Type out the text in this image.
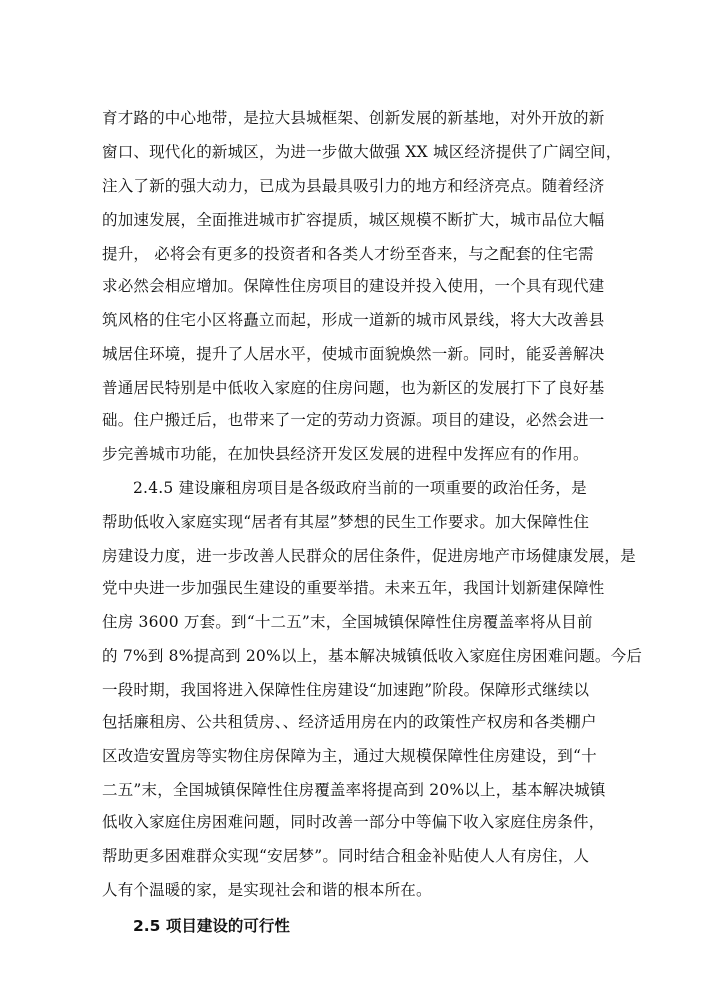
育才路的中心地带，是拉大县城框架、创新发展的新基地，对外开放的新
窗口、现代化的新城区，为进一步做大做强 XX 城区经济提供了广阔空间，
注入了新的强大动力，已成为县最具吸引力的地方和经济亮点。随着经济
的加速发展，全面推进城市扩容提质，城区规模不断扩大，城市品位大幅
提升， 必将会有更多的投资者和各类人才纷至沓来，与之配套的住宅需
求必然会相应增加。保障性住房项目的建设并投入使用，一个具有现代建
筑风格的住宅小区将矗立而起，形成一道新的城市风景线，将大大改善县
城居住环境，提升了人居水平，使城市面貌焕然一新。同时，能妥善解决
普通居民特别是中低收入家庭的住房问题，也为新区的发展打下了良好基
础。住户搬迁后，也带来了一定的劳动力资源。项目的建设，必然会进一
步完善城市功能，在加快县经济开发区发展的进程中发挥应有的作用。
2.4.5 建设廉租房项目是各级政府当前的一项重要的政治任务，是
帮助低收入家庭实现“居者有其屋”梦想的民生工作要求。加大保障性住
房建设力度，进一步改善人民群众的居住条件，促进房地产市场健康发展，是
党中央进一步加强民生建设的重要举措。未来五年，我国计划新建保障性
住房 3600 万套。到“十二五”末，全国城镇保障性住房覆盖率将从目前
的 7%到 8%提高到 20%以上，基本解决城镇低收入家庭住房困难问题。今后
一段时期，我国将进入保障性住房建设“加速跑”阶段。保障形式继续以
包括廉租房、公共租赁房、、经济适用房在内的政策性产权房和各类棚户
区改造安置房等实物住房保障为主，通过大规模保障性住房建设，到“十
二五”末，全国城镇保障性住房覆盖率将提高到 20%以上，基本解决城镇
低收入家庭住房困难问题，同时改善一部分中等偏下收入家庭住房条件，
帮助更多困难群众实现“安居梦”。同时结合租金补贴使人人有房住，人
人有个温暖的家，是实现社会和谐的根本所在。
2.5 项目建设的可行性
